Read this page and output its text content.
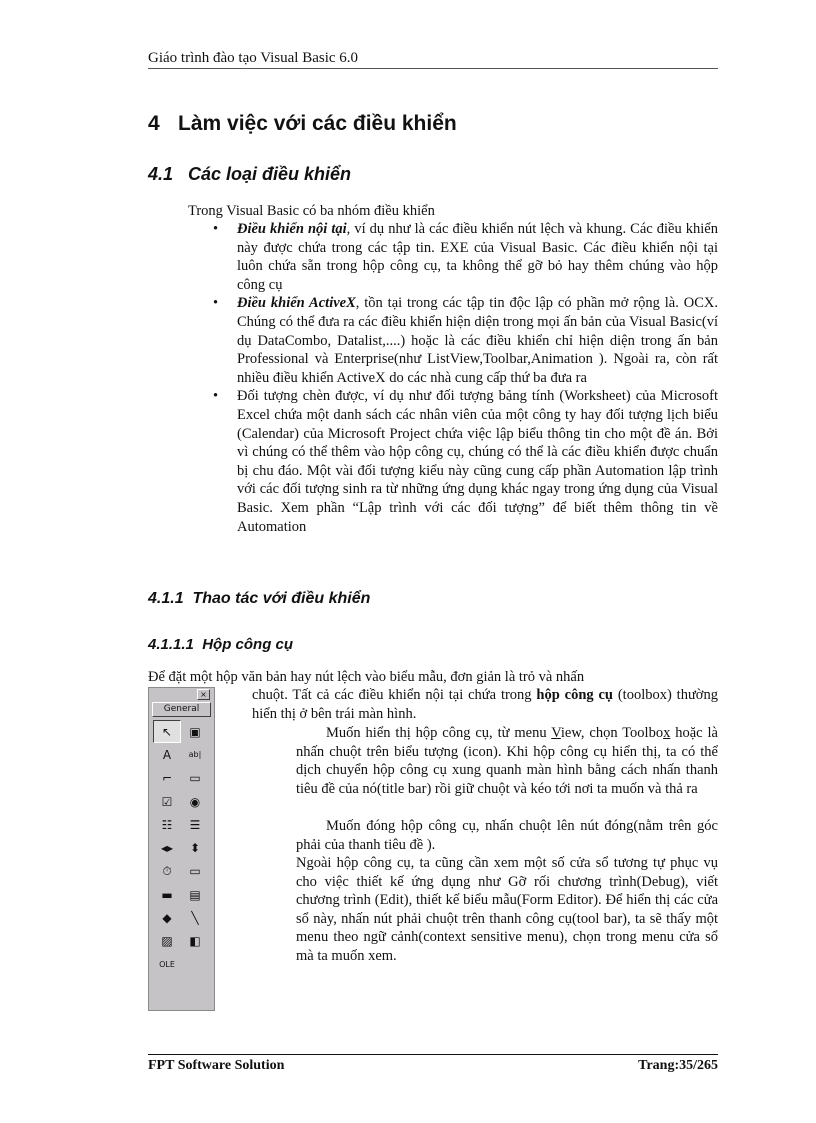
Giáo trình đào tạo Visual Basic 6.0
4 Làm việc với các điều khiển
4.1 Các loại điều khiển
Trong Visual Basic có ba nhóm điều khiển
• Điều khiển nội tại, ví dụ như là các điều khiển nút lệch và khung. Các điều khiển này được chứa trong các tập tin. EXE của Visual Basic. Các điều khiển nội tại luôn chứa sẵn trong hộp công cụ, ta không thể gỡ bỏ hay thêm chúng vào hộp công cụ
• Điều khiển ActiveX, tồn tại trong các tập tin độc lập có phần mở rộng là. OCX. Chúng có thể đưa ra các điều khiển hiện diện trong mọi ấn bản của Visual Basic(ví dụ DataCombo, Datalist,....) hoặc là các điều khiển chỉ hiện diện trong ấn bản Professional và Enterprise(như ListView,Toolbar,Animation ). Ngoài ra, còn rất nhiều điều khiển ActiveX do các nhà cung cấp thứ ba đưa ra
• Đối tượng chèn được, ví dụ như đối tượng bảng tính (Worksheet) của Microsoft Excel chứa một danh sách các nhân viên của một công ty hay đối tượng lịch biểu (Calendar) của Microsoft Project chứa việc lập biểu thông tin cho một đề án. Bởi vì chúng có thể thêm vào hộp công cụ, chúng có thể là các điều khiển được chuẩn bị chu đáo. Một vài đối tượng kiểu này cũng cung cấp phần Automation lập trình với các đối tượng sinh ra từ những ứng dụng khác ngay trong ứng dụng của Visual Basic. Xem phần “Lập trình với các đối tượng” để biết thêm thông tin về Automation
4.1.1 Thao tác với điều khiển
4.1.1.1 Hộp công cụ
Để đặt một hộp văn bản hay nút lệch vào biểu mẫu, đơn giản là trỏ và nhấn
×
General
↖	▣
A	ab|
⌐	▭
☑	◉
☷	☰
◂▸	⬍
⏱	▭
▬	▤
◆	╲
▨	◧
OLE
chuột. Tất cả các điều khiển nội tại chứa trong hộp công cụ (toolbox) thường hiển thị ở bên trái màn hình.
Muốn hiển thị hộp công cụ, từ menu View, chọn Toolbox hoặc là nhấn chuột trên biểu tượng (icon). Khi hộp công cụ hiển thị, ta có thể dịch chuyển hộp công cụ xung quanh màn hình bằng cách nhấn thanh tiêu đề của nó(title bar) rồi giữ chuột và kéo tới nơi ta muốn và thả ra
Muốn đóng hộp công cụ, nhấn chuột lên nút đóng(nằm trên góc phải của thanh tiêu đề ).
Ngoài hộp công cụ, ta cũng cần xem một số cửa sổ tương tự phục vụ cho việc thiết kế ứng dụng như Gỡ rối chương trình(Debug), viết chương trình (Edit), thiết kế biểu mẫu(Form Editor). Để hiển thị các cửa sổ này, nhấn nút phải chuột trên thanh công cụ(tool bar), ta sẽ thấy một menu theo ngữ cảnh(context sensitive menu), chọn trong menu cửa sổ mà ta muốn xem.
FPT Software Solution	Trang:35/265
